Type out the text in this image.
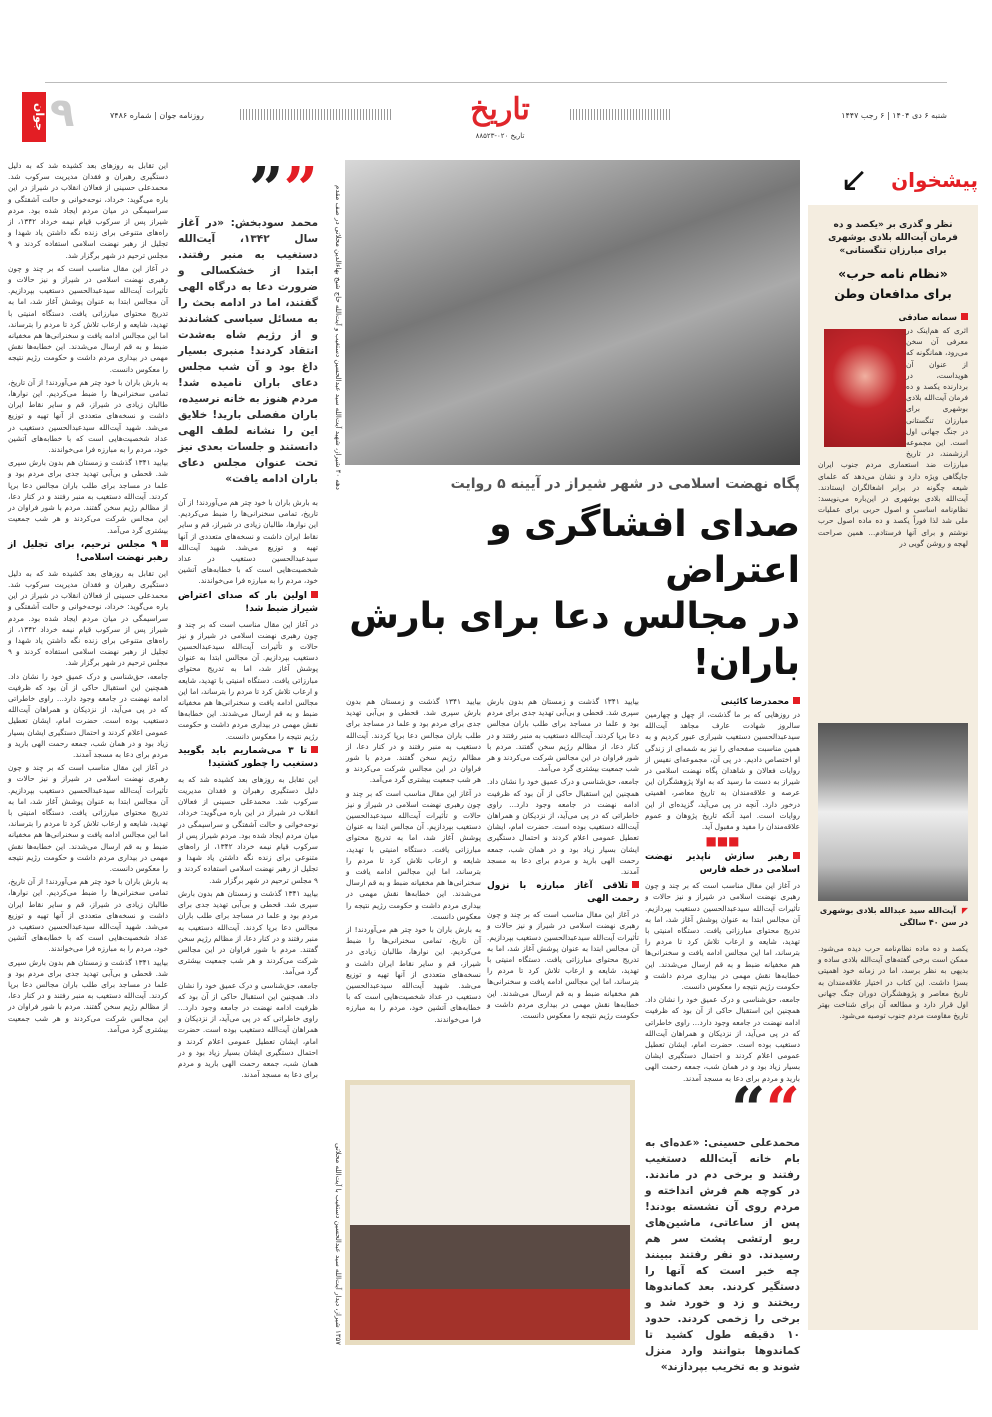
شنبه ۶ دی ۱۴۰۴ | ۶ رجب ۱۴۴۷
تاریخ
تاریخ ۰۲۰-۸۸۵۲۳
روزنامه جوان | شماره ۷۴۸۶
۹
جوان
دهه ۴۰ شیراز، شهید آیت‌الله سید عبدالحسین دستغیب و آیت‌الله حاج شیخ بهاءالدین محلاتی در صف مقدم	پگاه نهضت اسلامی در شهر شیراز در آیینه ۵ روایت
صدای افشاگری و اعتراض
در مجالس دعا برای بارش باران!
محمدرضا کائینی

در روزهایی که بر ما گذشت، از چهل و چهارمین سالروز شهادت عارف مجاهد آیت‌الله سیدعبدالحسین دستغیب شیرازی عبور کردیم و به همین مناسبت صفحه‌ای را نیز به شمه‌ای از زندگی او اختصاص دادیم. در پی آن، مجموعه‌ای نفیس از روایات فعالان و شاهدان پگاه نهضت اسلامی در شیراز به دست ما رسید که به اولا پژوهشگران این عرصه و علاقه‌مندان به تاریخ معاصر، اهمیتی درخور دارد. آنچه در پی می‌آید، گزیده‌ای از این روایات است. امید آنکه تاریخ پژوهان و عموم علاقه‌مندان را مفید و مقبول آید.

■■■

رهبر سازش ناپذیر نهضت اسلامی در خطه فارس

در آغاز این مقال مناسب است که بر چند و چون رهبری نهضت اسلامی در شیراز و نیز حالات و تأثیرات آیت‌الله سیدعبدالحسین دستغیب بپردازیم. آن مجالس ابتدا به عنوان پوشش آغاز شد، اما به تدریج محتوای مبارزاتی یافت. دستگاه امنیتی با تهدید، شایعه و ارعاب تلاش کرد تا مردم را بترساند، اما این مجالس ادامه یافت و سخنرانی‌ها هم مخفیانه ضبط و به قم ارسال می‌شدند. این خطابه‌ها نقش مهمی در بیداری مردم داشت و حکومت رژیم نتیجه را معکوس دانست.

جامعه، حق‌شناسی و درک عمیق خود را نشان داد. همچنین این استقبال حاکی از آن بود که ظرفیت ادامه نهضت در جامعه وجود دارد... راوی خاطراتی که در پی می‌آید، از نزدیکان و همراهان آیت‌الله دستغیب بوده است. حضرت امام، ایشان تعطیل عمومی اعلام کردند و احتمال دستگیری ایشان بسیار زیاد بود و در همان شب، جمعه رحمت الهی بارید و مردم برای دعا به مسجد آمدند.

بیایید ۱۳۴۱ گذشت و زمستان هم بدون بارش سپری شد. قحطی و بی‌آبی تهدید جدی برای مردم بود و علما در مساجد برای طلب باران مجالس دعا برپا کردند. آیت‌الله دستغیب به منبر رفتند و در کنار دعا، از مظالم رژیم سخن گفتند. مردم با شور فراوان در این مجالس شرکت می‌کردند و هر شب جمعیت بیشتری گرد می‌آمد.

جامعه، حق‌شناسی و درک عمیق خود را نشان داد. همچنین این استقبال حاکی از آن بود که ظرفیت ادامه نهضت در جامعه وجود دارد... راوی خاطراتی که در پی می‌آید، از نزدیکان و همراهان آیت‌الله دستغیب بوده است. حضرت امام، ایشان تعطیل عمومی اعلام کردند و احتمال دستگیری ایشان بسیار زیاد بود و در همان شب، جمعه رحمت الهی بارید و مردم برای دعا به مسجد آمدند.

تلاقی آغاز مبارزه با نزول رحمت الهی

در آغاز این مقال مناسب است که بر چند و چون رهبری نهضت اسلامی در شیراز و نیز حالات و تأثیرات آیت‌الله سیدعبدالحسین دستغیب بپردازیم. آن مجالس ابتدا به عنوان پوشش آغاز شد، اما به تدریج محتوای مبارزاتی یافت. دستگاه امنیتی با تهدید، شایعه و ارعاب تلاش کرد تا مردم را بترساند، اما این مجالس ادامه یافت و سخنرانی‌ها هم مخفیانه ضبط و به قم ارسال می‌شدند. این خطابه‌ها نقش مهمی در بیداری مردم داشت و حکومت رژیم نتیجه را معکوس دانست.

بیایید ۱۳۴۱ گذشت و زمستان هم بدون بارش سپری شد. قحطی و بی‌آبی تهدید جدی برای مردم بود و علما در مساجد برای طلب باران مجالس دعا برپا کردند. آیت‌الله دستغیب به منبر رفتند و در کنار دعا، از مظالم رژیم سخن گفتند. مردم با شور فراوان در این مجالس شرکت می‌کردند و هر شب جمعیت بیشتری گرد می‌آمد.

در آغاز این مقال مناسب است که بر چند و چون رهبری نهضت اسلامی در شیراز و نیز حالات و تأثیرات آیت‌الله سیدعبدالحسین دستغیب بپردازیم. آن مجالس ابتدا به عنوان پوشش آغاز شد، اما به تدریج محتوای مبارزاتی یافت. دستگاه امنیتی با تهدید، شایعه و ارعاب تلاش کرد تا مردم را بترساند، اما این مجالس ادامه یافت و سخنرانی‌ها هم مخفیانه ضبط و به قم ارسال می‌شدند. این خطابه‌ها نقش مهمی در بیداری مردم داشت و حکومت رژیم نتیجه را معکوس دانست.

به بارش باران با خود چتر هم می‌آوردند! از آن تاریخ، تمامی سخنرانی‌ها را ضبط می‌کردیم. این نوارها، طالبان زیادی در شیراز، قم و سایر نقاط ایران داشت و نسخه‌های متعددی از آنها تهیه و توزیع می‌شد. شهید آیت‌الله سیدعبدالحسین دستغیب در عداد شخصیت‌هایی است که با خطابه‌های آتشین خود، مردم را به مبارزه فرا می‌خواندند.

““
محمدعلی حسینی: «عده‌ای به بام خانه آیت‌الله دستغیب رفتند و برخی دم در ماندند. در کوچه هم فرش انداخته و مردم روی آن نشسته بودند! پس از ساعاتی، ماشین‌های ریو ارتشی پشت سر هم رسیدند. دو نفر رفتند ببینند چه خبر است که آنها را دستگیر کردند. بعد کماندوها ریختند و زد و خورد شد و برخی را زخمی کردند. حدود ۱۰ دقیقه طول کشید تا کماندوها بتوانند وارد منزل شوند و به تخریب بپردازند»
۱۳۵۷ شیراز، دیدار آیت‌الله سید عبدالحسین دستغیب با آیت‌الله محلاتی
””
محمد سودبخش: «در آغاز سال ۱۳۴۲، آیت‌الله دستغیب به منبر رفتند. ابتدا از خشکسالی و ضرورت دعا به درگاه الهی گفتند، اما در ادامه بحث را به مسائل سیاسی کشاندند و از رژیم شاه به‌شدت انتقاد کردند! منبری بسیار داغ بود و آن شب مجلس دعای باران نامیده شد! مردم هنوز به خانه نرسیده، باران مفصلی بارید! خلایق این را نشانه لطف الهی دانستند و جلسات بعدی نیز تحت عنوان مجلس دعای باران ادامه یافت»

به بارش باران با خود چتر هم می‌آوردند! از آن تاریخ، تمامی سخنرانی‌ها را ضبط می‌کردیم. این نوارها، طالبان زیادی در شیراز، قم و سایر نقاط ایران داشت و نسخه‌های متعددی از آنها تهیه و توزیع می‌شد. شهید آیت‌الله سیدعبدالحسین دستغیب در عداد شخصیت‌هایی است که با خطابه‌های آتشین خود، مردم را به مبارزه فرا می‌خواندند.

اولین بار که صدای اعتراض شیراز ضبط شد!

در آغاز این مقال مناسب است که بر چند و چون رهبری نهضت اسلامی در شیراز و نیز حالات و تأثیرات آیت‌الله سیدعبدالحسین دستغیب بپردازیم. آن مجالس ابتدا به عنوان پوشش آغاز شد، اما به تدریج محتوای مبارزاتی یافت. دستگاه امنیتی با تهدید، شایعه و ارعاب تلاش کرد تا مردم را بترساند، اما این مجالس ادامه یافت و سخنرانی‌ها هم مخفیانه ضبط و به قم ارسال می‌شدند. این خطابه‌ها نقش مهمی در بیداری مردم داشت و حکومت رژیم نتیجه را معکوس دانست.

تا ۳ می‌شماریم باید بگویید دستغیب را چطور کشتید!

این تقابل به روزهای بعد کشیده شد که به دلیل دستگیری رهبران و فقدان مدیریت سرکوب شد. محمدعلی حسینی از فعالان انقلاب در شیراز در این باره می‌گوید: خرداد، نوحه‌خوانی و حالت آشفتگی و سراسیمگی در میان مردم ایجاد شده بود. مردم شیراز پس از سرکوب قیام نیمه خرداد ۱۳۴۲، از راه‌های متنوعی برای زنده نگه داشتن یاد شهدا و تجلیل از رهبر نهضت اسلامی استفاده کردند و ۹ مجلس ترحیم در شهر برگزار شد.

بیایید ۱۳۴۱ گذشت و زمستان هم بدون بارش سپری شد. قحطی و بی‌آبی تهدید جدی برای مردم بود و علما در مساجد برای طلب باران مجالس دعا برپا کردند. آیت‌الله دستغیب به منبر رفتند و در کنار دعا، از مظالم رژیم سخن گفتند. مردم با شور فراوان در این مجالس شرکت می‌کردند و هر شب جمعیت بیشتری گرد می‌آمد.

جامعه، حق‌شناسی و درک عمیق خود را نشان داد. همچنین این استقبال حاکی از آن بود که ظرفیت ادامه نهضت در جامعه وجود دارد... راوی خاطراتی که در پی می‌آید، از نزدیکان و همراهان آیت‌الله دستغیب بوده است. حضرت امام، ایشان تعطیل عمومی اعلام کردند و احتمال دستگیری ایشان بسیار زیاد بود و در همان شب، جمعه رحمت الهی بارید و مردم برای دعا به مسجد آمدند.

این تقابل به روزهای بعد کشیده شد که به دلیل دستگیری رهبران و فقدان مدیریت سرکوب شد. محمدعلی حسینی از فعالان انقلاب در شیراز در این باره می‌گوید: خرداد، نوحه‌خوانی و حالت آشفتگی و سراسیمگی در میان مردم ایجاد شده بود. مردم شیراز پس از سرکوب قیام نیمه خرداد ۱۳۴۲، از راه‌های متنوعی برای زنده نگه داشتن یاد شهدا و تجلیل از رهبر نهضت اسلامی استفاده کردند و ۹ مجلس ترحیم در شهر برگزار شد.

در آغاز این مقال مناسب است که بر چند و چون رهبری نهضت اسلامی در شیراز و نیز حالات و تأثیرات آیت‌الله سیدعبدالحسین دستغیب بپردازیم. آن مجالس ابتدا به عنوان پوشش آغاز شد، اما به تدریج محتوای مبارزاتی یافت. دستگاه امنیتی با تهدید، شایعه و ارعاب تلاش کرد تا مردم را بترساند، اما این مجالس ادامه یافت و سخنرانی‌ها هم مخفیانه ضبط و به قم ارسال می‌شدند. این خطابه‌ها نقش مهمی در بیداری مردم داشت و حکومت رژیم نتیجه را معکوس دانست.

به بارش باران با خود چتر هم می‌آوردند! از آن تاریخ، تمامی سخنرانی‌ها را ضبط می‌کردیم. این نوارها، طالبان زیادی در شیراز، قم و سایر نقاط ایران داشت و نسخه‌های متعددی از آنها تهیه و توزیع می‌شد. شهید آیت‌الله سیدعبدالحسین دستغیب در عداد شخصیت‌هایی است که با خطابه‌های آتشین خود، مردم را به مبارزه فرا می‌خواندند.

بیایید ۱۳۴۱ گذشت و زمستان هم بدون بارش سپری شد. قحطی و بی‌آبی تهدید جدی برای مردم بود و علما در مساجد برای طلب باران مجالس دعا برپا کردند. آیت‌الله دستغیب به منبر رفتند و در کنار دعا، از مظالم رژیم سخن گفتند. مردم با شور فراوان در این مجالس شرکت می‌کردند و هر شب جمعیت بیشتری گرد می‌آمد.

۹ مجلس ترحیم، برای تجلیل از رهبر نهضت اسلامی!

این تقابل به روزهای بعد کشیده شد که به دلیل دستگیری رهبران و فقدان مدیریت سرکوب شد. محمدعلی حسینی از فعالان انقلاب در شیراز در این باره می‌گوید: خرداد، نوحه‌خوانی و حالت آشفتگی و سراسیمگی در میان مردم ایجاد شده بود. مردم شیراز پس از سرکوب قیام نیمه خرداد ۱۳۴۲، از راه‌های متنوعی برای زنده نگه داشتن یاد شهدا و تجلیل از رهبر نهضت اسلامی استفاده کردند و ۹ مجلس ترحیم در شهر برگزار شد.

جامعه، حق‌شناسی و درک عمیق خود را نشان داد. همچنین این استقبال حاکی از آن بود که ظرفیت ادامه نهضت در جامعه وجود دارد... راوی خاطراتی که در پی می‌آید، از نزدیکان و همراهان آیت‌الله دستغیب بوده است. حضرت امام، ایشان تعطیل عمومی اعلام کردند و احتمال دستگیری ایشان بسیار زیاد بود و در همان شب، جمعه رحمت الهی بارید و مردم برای دعا به مسجد آمدند.

در آغاز این مقال مناسب است که بر چند و چون رهبری نهضت اسلامی در شیراز و نیز حالات و تأثیرات آیت‌الله سیدعبدالحسین دستغیب بپردازیم. آن مجالس ابتدا به عنوان پوشش آغاز شد، اما به تدریج محتوای مبارزاتی یافت. دستگاه امنیتی با تهدید، شایعه و ارعاب تلاش کرد تا مردم را بترساند، اما این مجالس ادامه یافت و سخنرانی‌ها هم مخفیانه ضبط و به قم ارسال می‌شدند. این خطابه‌ها نقش مهمی در بیداری مردم داشت و حکومت رژیم نتیجه را معکوس دانست.

به بارش باران با خود چتر هم می‌آوردند! از آن تاریخ، تمامی سخنرانی‌ها را ضبط می‌کردیم. این نوارها، طالبان زیادی در شیراز، قم و سایر نقاط ایران داشت و نسخه‌های متعددی از آنها تهیه و توزیع می‌شد. شهید آیت‌الله سیدعبدالحسین دستغیب در عداد شخصیت‌هایی است که با خطابه‌های آتشین خود، مردم را به مبارزه فرا می‌خواندند.

بیایید ۱۳۴۱ گذشت و زمستان هم بدون بارش سپری شد. قحطی و بی‌آبی تهدید جدی برای مردم بود و علما در مساجد برای طلب باران مجالس دعا برپا کردند. آیت‌الله دستغیب به منبر رفتند و در کنار دعا، از مظالم رژیم سخن گفتند. مردم با شور فراوان در این مجالس شرکت می‌کردند و هر شب جمعیت بیشتری گرد می‌آمد.

↙ پیشخوان
نظر و گذری بر «یکصد و ده فرمان آیت‌الله بلادی بوشهری برای مبارزان تنگستانی»
«نظام نامه حرب»
برای مدافعان وطن
سمانه صادقی
اثری که هم‌اینک در معرفی آن سخن می‌رود، همانگونه که از عنوان آن هویداست، در بردارنده یکصد و ده فرمان آیت‌الله بلادی بوشهری برای مبارزان تنگستانی در جنگ جهانی اول است. این مجموعه ارزشمند، در تاریخ مبارزات ضد استعماری مردم جنوب ایران جایگاهی ویژه دارد و نشان می‌دهد که علمای شیعه چگونه در برابر اشغالگران ایستادند. آیت‌الله بلادی بوشهری در این‌باره می‌نویسد: نظام‌نامه اساسی و اصول حربی برای عملیات ملی شد لذا فوراً یکصد و ده ماده اصول حرب نوشتم و برای آنها فرستادم... همین صراحت لهجه و روشن گویی در
◤ آیت‌الله سید عبدالله بلادی بوشهری
در سن ۴۰ سالگی
یکصد و ده ماده نظام‌نامه حرب دیده می‌شود. ممکن است برخی گفته‌های آیت‌الله بلادی ساده و بدیهی به نظر برسد، اما در زمانه خود اهمیتی بسزا داشت. این کتاب در اختیار علاقه‌مندان به تاریخ معاصر و پژوهشگران دوران جنگ جهانی اول قرار دارد و مطالعه آن برای شناخت بهتر تاریخ مقاومت مردم جنوب توصیه می‌شود.
